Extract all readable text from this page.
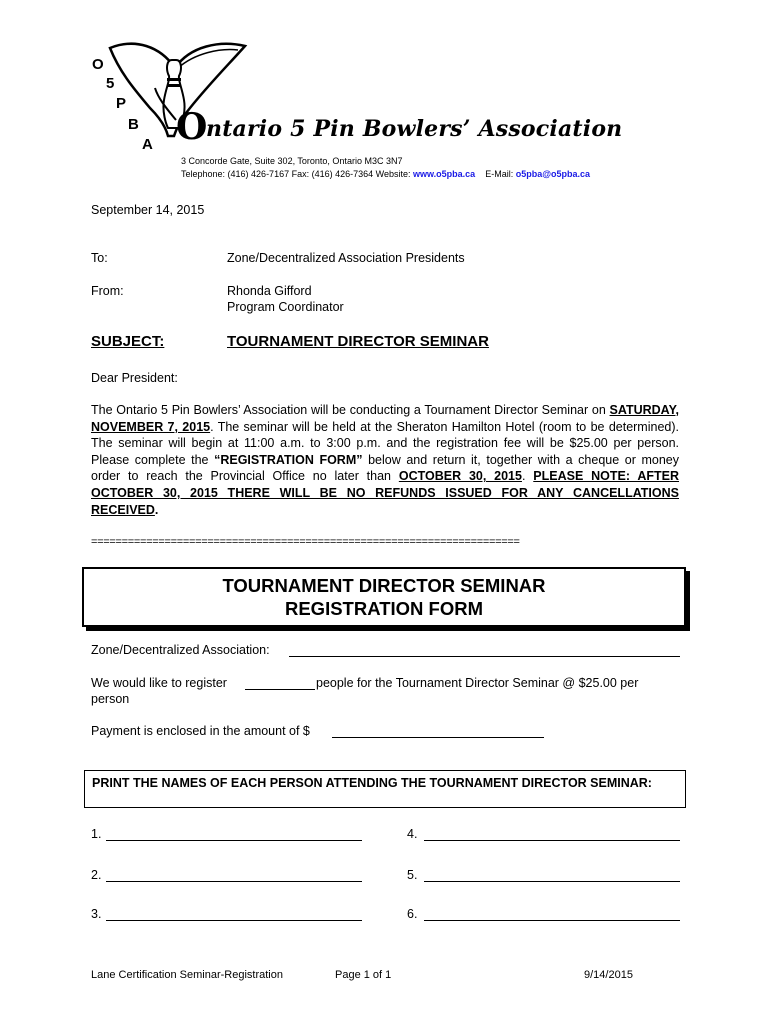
O
5
P
B
A O
ntario 5 Pin Bowlers’ Association
3 Concorde Gate, Suite 302, Toronto, Ontario M3C 3N7
Telephone: (416) 426-7167 Fax: (416) 426-7364 Website: www.o5pba.ca E-Mail: o5pba@o5pba.ca
September 14, 2015
To:	Zone/Decentralized Association Presidents
From:	Rhonda Gifford
Program Coordinator
SUBJECT:	TOURNAMENT DIRECTOR SEMINAR
Dear President:
The Ontario 5 Pin Bowlers’ Association will be conducting a Tournament Director Seminar on SATURDAY, NOVEMBER 7, 2015. The seminar will be held at the Sheraton Hamilton Hotel (room to be determined). The seminar will begin at 11:00 a.m. to 3:00 p.m. and the registration fee will be $25.00 per person. Please complete the “REGISTRATION FORM” below and return it, together with a cheque or money order to reach the Provincial Office no later than OCTOBER 30, 2015. PLEASE NOTE: AFTER OCTOBER 30, 2015 THERE WILL BE NO REFUNDS ISSUED FOR ANY CANCELLATIONS RECEIVED.
======================================================================
TOURNAMENT DIRECTOR SEMINAR
REGISTRATION FORM
Zone/Decentralized Association:
We would like to register	people for the Tournament Director Seminar @ $25.00 per
person
Payment is enclosed in the amount of $
PRINT THE NAMES OF EACH PERSON ATTENDING THE TOURNAMENT DIRECTOR SEMINAR:
1.	4.
2.	5.
3.	6.
Lane Certification Seminar-Registration	Page 1 of 1	9/14/2015
